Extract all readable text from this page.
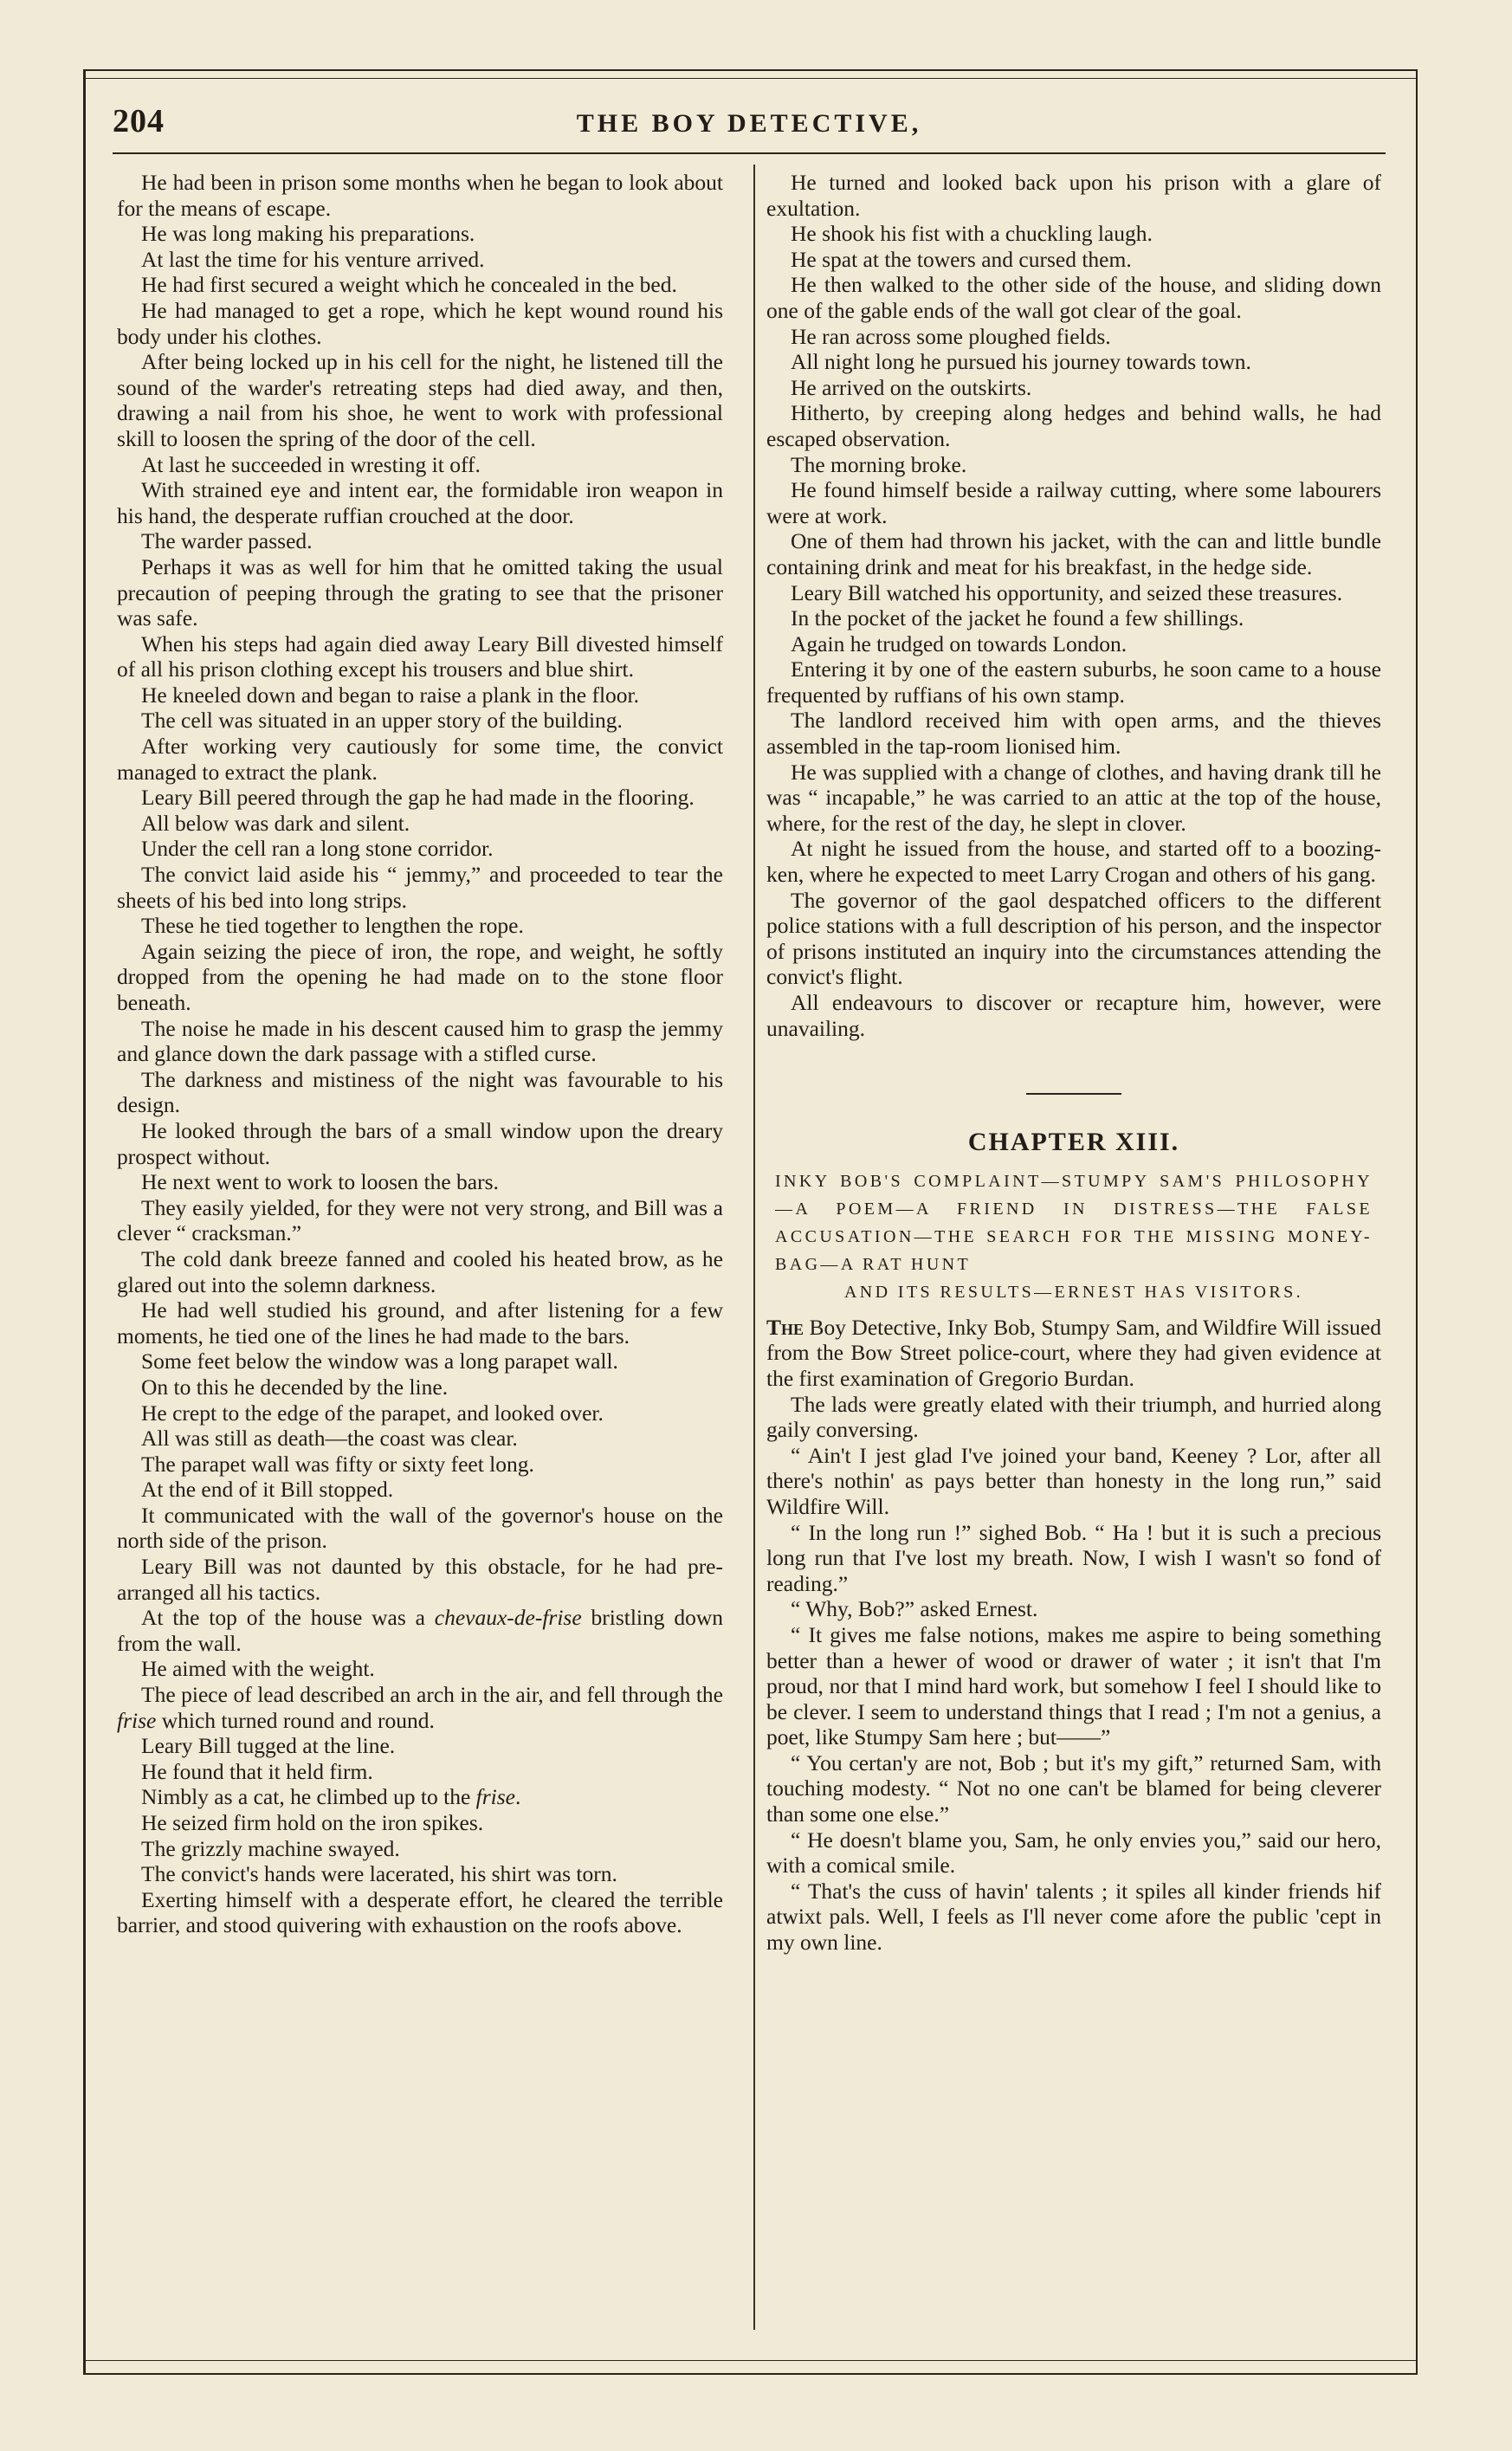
204	THE BOY DETECTIVE,

He had been in prison some months when he began to look about for the means of escape.

He was long making his preparations.

At last the time for his venture arrived.

He had first secured a weight which he concealed in the bed.

He had managed to get a rope, which he kept wound round his body under his clothes.

After being locked up in his cell for the night, he listened till the sound of the warder's retreating steps had died away, and then, drawing a nail from his shoe, he went to work with professional skill to loosen the spring of the door of the cell.

At last he succeeded in wresting it off.

With strained eye and intent ear, the formidable iron weapon in his hand, the desperate ruffian crouched at the door.

The warder passed.

Perhaps it was as well for him that he omitted taking the usual precaution of peeping through the grating to see that the prisoner was safe.

When his steps had again died away Leary Bill divested himself of all his prison clothing except his trousers and blue shirt.

He kneeled down and began to raise a plank in the floor.

The cell was situated in an upper story of the building.

After working very cautiously for some time, the convict managed to extract the plank.

Leary Bill peered through the gap he had made in the flooring.

All below was dark and silent.

Under the cell ran a long stone corridor.

The convict laid aside his “ jemmy,” and proceeded to tear the sheets of his bed into long strips.

These he tied together to lengthen the rope.

Again seizing the piece of iron, the rope, and weight, he softly dropped from the opening he had made on to the stone floor beneath.

The noise he made in his descent caused him to grasp the jemmy and glance down the dark passage with a stifled curse.

The darkness and mistiness of the night was favourable to his design.

He looked through the bars of a small window upon the dreary prospect without.

He next went to work to loosen the bars.

They easily yielded, for they were not very strong, and Bill was a clever “ cracksman.”

The cold dank breeze fanned and cooled his heated brow, as he glared out into the solemn darkness.

He had well studied his ground, and after listening for a few moments, he tied one of the lines he had made to the bars.

Some feet below the window was a long parapet wall.

On to this he decended by the line.

He crept to the edge of the parapet, and looked over.

All was still as death—the coast was clear.

The parapet wall was fifty or sixty feet long.

At the end of it Bill stopped.

It communicated with the wall of the governor's house on the north side of the prison.

Leary Bill was not daunted by this obstacle, for he had pre-arranged all his tactics.

At the top of the house was a chevaux-de-frise bristling down from the wall.

He aimed with the weight.

The piece of lead described an arch in the air, and fell through the frise which turned round and round.

Leary Bill tugged at the line.

He found that it held firm.

Nimbly as a cat, he climbed up to the frise.

He seized firm hold on the iron spikes.

The grizzly machine swayed.

The convict's hands were lacerated, his shirt was torn.

Exerting himself with a desperate effort, he cleared the terrible barrier, and stood quivering with exhaustion on the roofs above.

He turned and looked back upon his prison with a glare of exultation.

He shook his fist with a chuckling laugh.

He spat at the towers and cursed them.

He then walked to the other side of the house, and sliding down one of the gable ends of the wall got clear of the goal.

He ran across some ploughed fields.

All night long he pursued his journey towards town.

He arrived on the outskirts.

Hitherto, by creeping along hedges and behind walls, he had escaped observation.

The morning broke.

He found himself beside a railway cutting, where some labourers were at work.

One of them had thrown his jacket, with the can and little bundle containing drink and meat for his breakfast, in the hedge side.

Leary Bill watched his opportunity, and seized these treasures.

In the pocket of the jacket he found a few shillings.

Again he trudged on towards London.

Entering it by one of the eastern suburbs, he soon came to a house frequented by ruffians of his own stamp.

The landlord received him with open arms, and the thieves assembled in the tap-room lionised him.

He was supplied with a change of clothes, and having drank till he was “ incapable,” he was carried to an attic at the top of the house, where, for the rest of the day, he slept in clover.

At night he issued from the house, and started off to a boozing-ken, where he expected to meet Larry Crogan and others of his gang.

The governor of the gaol despatched officers to the different police stations with a full description of his person, and the inspector of prisons instituted an inquiry into the circumstances attending the convict's flight.

All endeavours to discover or recapture him, however, were unavailing.

CHAPTER XIII.
INKY BOB'S COMPLAINT—STUMPY SAM'S PHILOSOPHY—A POEM—A FRIEND IN DISTRESS—THE FALSE ACCUSATION—THE SEARCH FOR THE MISSING MONEY-BAG—A RAT HUNT
AND ITS RESULTS—ERNEST HAS VISITORS.

The Boy Detective, Inky Bob, Stumpy Sam, and Wildfire Will issued from the Bow Street police-court, where they had given evidence at the first examination of Gregorio Burdan.

The lads were greatly elated with their triumph, and hurried along gaily conversing.

“ Ain't I jest glad I've joined your band, Keeney ? Lor, after all there's nothin' as pays better than honesty in the long run,” said Wildfire Will.

“ In the long run !” sighed Bob. “ Ha ! but it is such a precious long run that I've lost my breath. Now, I wish I wasn't so fond of reading.”

“ Why, Bob?” asked Ernest.

“ It gives me false notions, makes me aspire to being something better than a hewer of wood or drawer of water ; it isn't that I'm proud, nor that I mind hard work, but somehow I feel I should like to be clever. I seem to understand things that I read ; I'm not a genius, a poet, like Stumpy Sam here ; but——”

“ You certan'y are not, Bob ; but it's my gift,” returned Sam, with touching modesty. “ Not no one can't be blamed for being cleverer than some one else.”

“ He doesn't blame you, Sam, he only envies you,” said our hero, with a comical smile.

“ That's the cuss of havin' talents ; it spiles all kinder friends hif atwixt pals. Well, I feels as I'll never come afore the public 'cept in my own line.
